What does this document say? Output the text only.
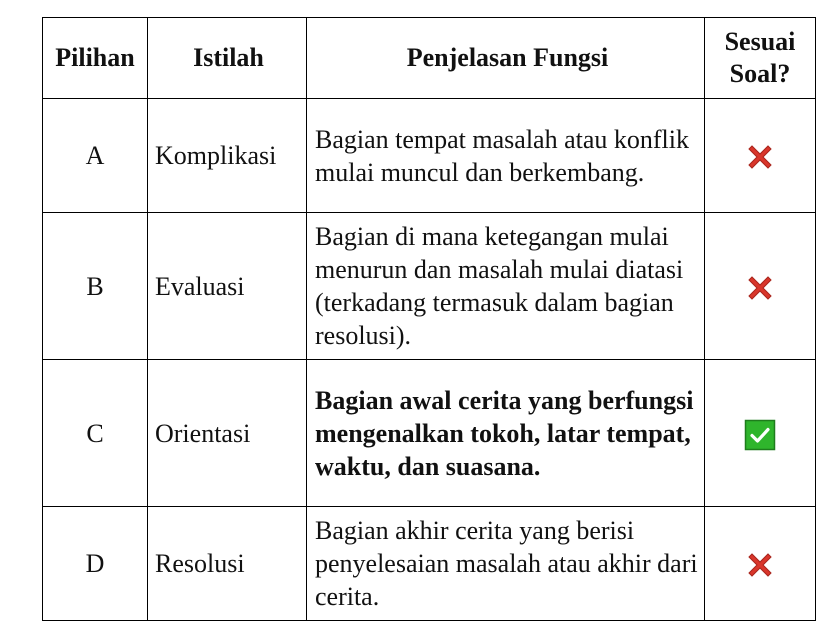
Pilihan	Istilah	Penjelasan Fungsi	Sesuai
Soal?

A	Komplikasi	Bagian tempat masalah atau konflik mulai muncul dan berkembang.	

B	Evaluasi	Bagian di mana ketegangan mulai menurun dan masalah mulai diatasi (terkadang termasuk dalam bagian resolusi).	

C	Orientasi	Bagian awal cerita yang berfungsi mengenalkan tokoh, latar tempat, waktu, dan suasana.	

D	Resolusi	Bagian akhir cerita yang berisi penyelesaian masalah atau akhir dari cerita.	
